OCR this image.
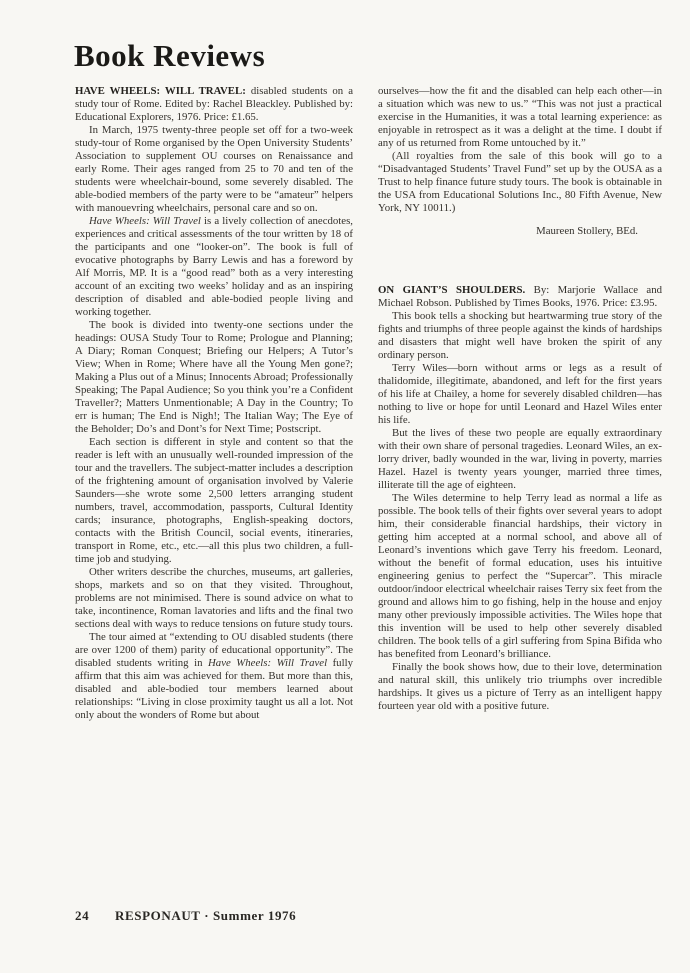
Book Reviews

HAVE WHEELS: WILL TRAVEL: disabled students on a study tour of Rome. Edited by: Rachel Bleackley. Published by: Educational Explorers, 1976. Price: £1.65.

In March, 1975 twenty-three people set off for a two-week study-tour of Rome organised by the Open University Students’ Association to supplement OU courses on Renaissance and early Rome. Their ages ranged from 25 to 70 and ten of the students were wheelchair-bound, some severely disabled. The able-bodied members of the party were to be “amateur” helpers with manouevring wheelchairs, personal care and so on.

Have Wheels: Will Travel is a lively collection of anecdotes, experiences and critical assessments of the tour written by 18 of the participants and one “looker-on”. The book is full of evocative photographs by Barry Lewis and has a foreword by Alf Morris, MP. It is a “good read” both as a very interesting account of an exciting two weeks’ holiday and as an inspiring description of disabled and able-bodied people living and working together.

The book is divided into twenty-one sections under the headings: OUSA Study Tour to Rome; Prologue and Planning; A Diary; Roman Conquest; Briefing our Helpers; A Tutor’s View; When in Rome; Where have all the Young Men gone?; Making a Plus out of a Minus; Innocents Abroad; Professionally Speaking; The Papal Audience; So you think you’re a Confident Traveller?; Matters Unmentionable; A Day in the Country; To err is human; The End is Nigh!; The Italian Way; The Eye of the Beholder; Do’s and Dont’s for Next Time; Postscript.

Each section is different in style and content so that the reader is left with an unusually well-rounded impression of the tour and the travellers. The subject-matter includes a description of the frightening amount of organisation involved by Valerie Saunders—she wrote some 2,500 letters arranging student numbers, travel, accommodation, passports, Cultural Identity cards; insurance, photographs, English-speaking doctors, contacts with the British Council, social events, itineraries, transport in Rome, etc., etc.—all this plus two children, a full-time job and studying.

Other writers describe the churches, museums, art galleries, shops, markets and so on that they visited. Throughout, problems are not minimised. There is sound advice on what to take, incontinence, Roman lavatories and lifts and the final two sections deal with ways to reduce tensions on future study tours.

The tour aimed at “extending to OU disabled students (there are over 1200 of them) parity of educational opportunity”. The disabled students writing in Have Wheels: Will Travel fully affirm that this aim was achieved for them. But more than this, disabled and able-bodied tour members learned about relationships: “Living in close proximity taught us all a lot. Not only about the wonders of Rome but about

ourselves—how the fit and the disabled can help each other—in a situation which was new to us.” “This was not just a practical exercise in the Humanities, it was a total learning experience: as enjoyable in retrospect as it was a delight at the time. I doubt if any of us returned from Rome untouched by it.”

(All royalties from the sale of this book will go to a “Disadvantaged Students’ Travel Fund” set up by the OUSA as a Trust to help finance future study tours. The book is obtainable in the USA from Educational Solutions Inc., 80 Fifth Avenue, New York, NY 10011.)

Maureen Stollery, BEd.

ON GIANT’S SHOULDERS. By: Marjorie Wallace and Michael Robson. Published by Times Books, 1976. Price: £3.95.

This book tells a shocking but heartwarming true story of the fights and triumphs of three people against the kinds of hardships and disasters that might well have broken the spirit of any ordinary person.

Terry Wiles—born without arms or legs as a result of thalidomide, illegitimate, abandoned, and left for the first years of his life at Chailey, a home for severely disabled children—has nothing to live or hope for until Leonard and Hazel Wiles enter his life.

But the lives of these two people are equally extraordinary with their own share of personal tragedies. Leonard Wiles, an ex-lorry driver, badly wounded in the war, living in poverty, marries Hazel. Hazel is twenty years younger, married three times, illiterate till the age of eighteen.

The Wiles determine to help Terry lead as normal a life as possible. The book tells of their fights over several years to adopt him, their considerable financial hardships, their victory in getting him accepted at a normal school, and above all of Leonard’s inventions which gave Terry his freedom. Leonard, without the benefit of formal education, uses his intuitive engineering genius to perfect the “Supercar”. This miracle outdoor/indoor electrical wheelchair raises Terry six feet from the ground and allows him to go fishing, help in the house and enjoy many other previously impossible activities. The Wiles hope that this invention will be used to help other severely disabled children. The book tells of a girl suffering from Spina Bifida who has benefited from Leonard’s brilliance.

Finally the book shows how, due to their love, determination and natural skill, this unlikely trio triumphs over incredible hardships. It gives us a picture of Terry as an intelligent happy fourteen year old with a positive future.

24 RESPONAUT · Summer 1976
